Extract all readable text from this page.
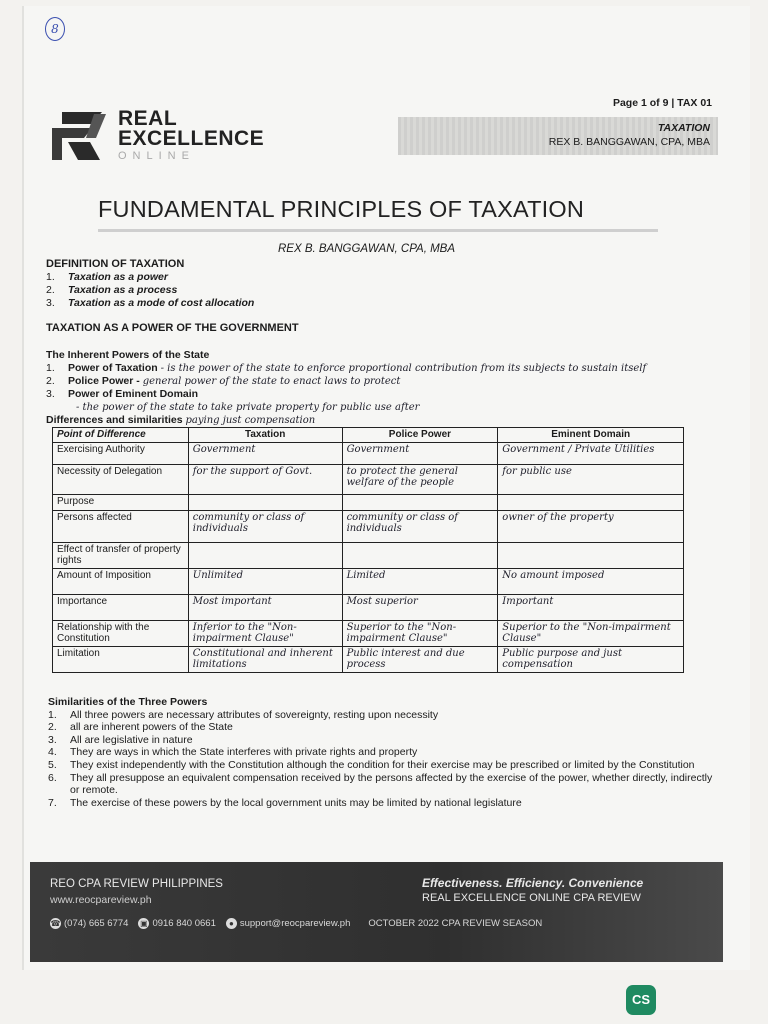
8
Page 1 of 9 | TAX 01
REAL
EXCELLENCE
ONLINE
TAXATION
REX B. BANGGAWAN, CPA, MBA
FUNDAMENTAL PRINCIPLES OF TAXATION
REX B. BANGGAWAN, CPA, MBA
DEFINITION OF TAXATION
1. Taxation as a power
2. Taxation as a process
3. Taxation as a mode of cost allocation
TAXATION AS A POWER OF THE GOVERNMENT
The Inherent Powers of the State
1. Power of Taxation - is the power of the state to enforce proportional contribution from its subjects to sustain itself
2. Police Power - general power of the state to enact laws to protect
3. Power of Eminent Domain
- the power of the state to take private property for public use after
Differences and similarities paying just compensation
Point of Difference	Taxation	Police Power	Eminent Domain
Exercising Authority	Government	Government	Government / Private Utilities
Necessity of Delegation	for the support of Govt.	to protect the general welfare of the people	for public use
Purpose			
Persons affected	community or class of individuals	community or class of individuals	owner of the property
Effect of transfer of property rights			
Amount of Imposition	Unlimited	Limited	No amount imposed
Importance	Most important	Most superior	Important
Relationship with the Constitution	Inferior to the "Non-impairment Clause"	Superior to the "Non-impairment Clause"	Superior to the "Non-impairment Clause"
Limitation	Constitutional and inherent limitations	Public interest and due process	Public purpose and just compensation
Similarities of the Three Powers
1. All three powers are necessary attributes of sovereignty, resting upon necessity
2. all are inherent powers of the State
3. All are legislative in nature
4. They are ways in which the State interferes with private rights and property
5. They exist independently with the Constitution although the condition for their exercise may be prescribed or limited by the Constitution
6. They all presuppose an equivalent compensation received by the persons affected by the exercise of the power, whether directly, indirectly or remote.
7. The exercise of these powers by the local government units may be limited by national legislature
REO CPA REVIEW PHILIPPINES
www.reocpareview.ph
Effectiveness. Efficiency. Convenience
REAL EXCELLENCE ONLINE CPA REVIEW
☎ (074) 665 6774 ▣ 0916 840 0661	● support@reocpareview.ph OCTOBER 2022 CPA REVIEW SEASON
CS
